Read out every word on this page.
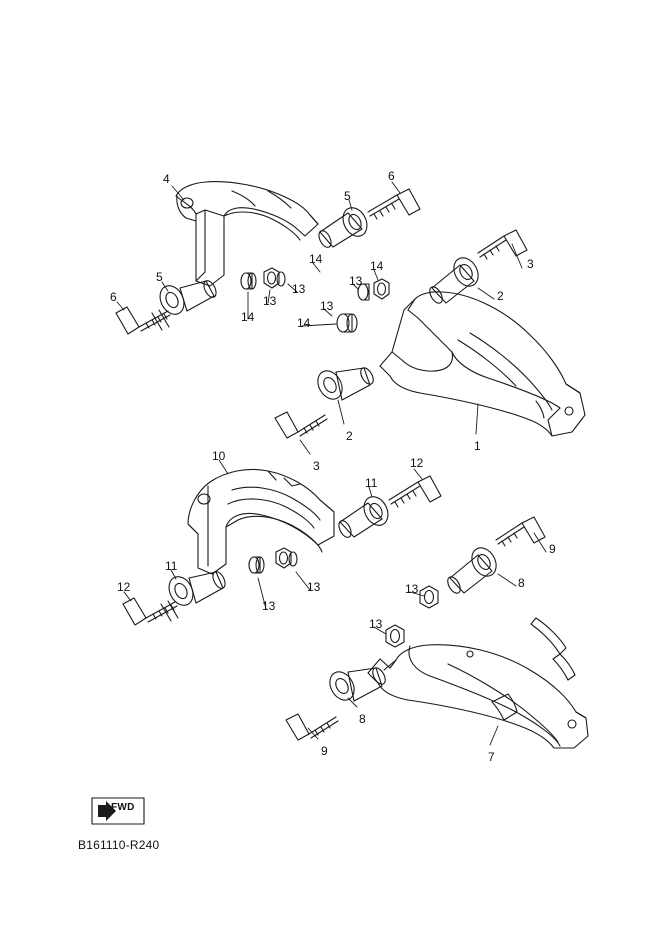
4
5
6
3
2
5
6
14
13
14
13
13
14
13
14
2
3
1
10
11
12
9
8
13
11
12	13
13
13
8
9	7
FWD
B161110-R240
